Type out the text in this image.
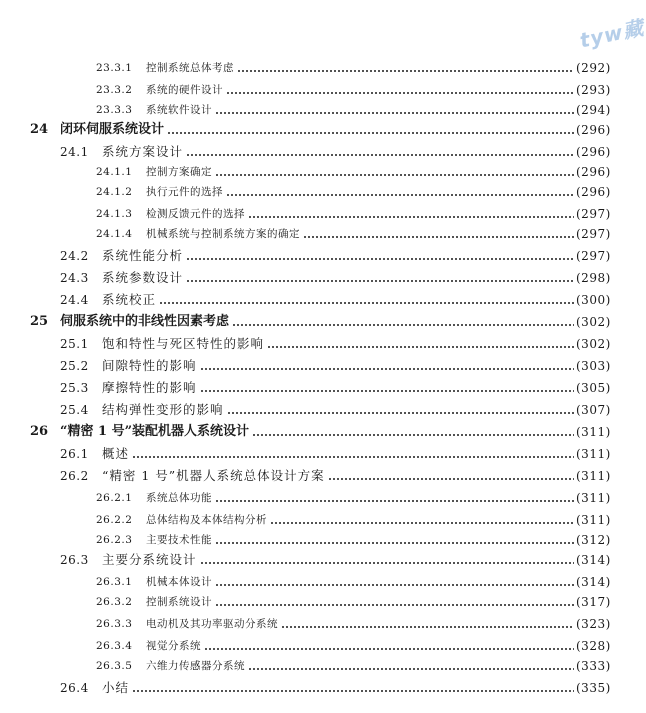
tyw藏
23.3.1 控制系统总体考虑	(292)
23.3.2 系统的硬件设计	(293)
23.3.3 系统软件设计	(294)
24 闭环伺服系统设计	(296)
24.1 系统方案设计	(296)
24.1.1 控制方案确定	(296)
24.1.2 执行元件的选择	(296)
24.1.3 检测反馈元件的选择	(297)
24.1.4 机械系统与控制系统方案的确定	(297)
24.2 系统性能分析	(297)
24.3 系统参数设计	(298)
24.4 系统校正	(300)
25 伺服系统中的非线性因素考虑	(302)
25.1 饱和特性与死区特性的影响	(302)
25.2 间隙特性的影响	(303)
25.3 摩擦特性的影响	(305)
25.4 结构弹性变形的影响	(307)
26 “精密 1 号”装配机器人系统设计	(311)
26.1 概述	(311)
26.2 “精密 1 号”机器人系统总体设计方案	(311)
26.2.1 系统总体功能	(311)
26.2.2 总体结构及本体结构分析	(311)
26.2.3 主要技术性能	(312)
26.3 主要分系统设计	(314)
26.3.1 机械本体设计	(314)
26.3.2 控制系统设计	(317)
26.3.3 电动机及其功率驱动分系统	(323)
26.3.4 视觉分系统	(328)
26.3.5 六维力传感器分系统	(333)
26.4 小结	(335)
